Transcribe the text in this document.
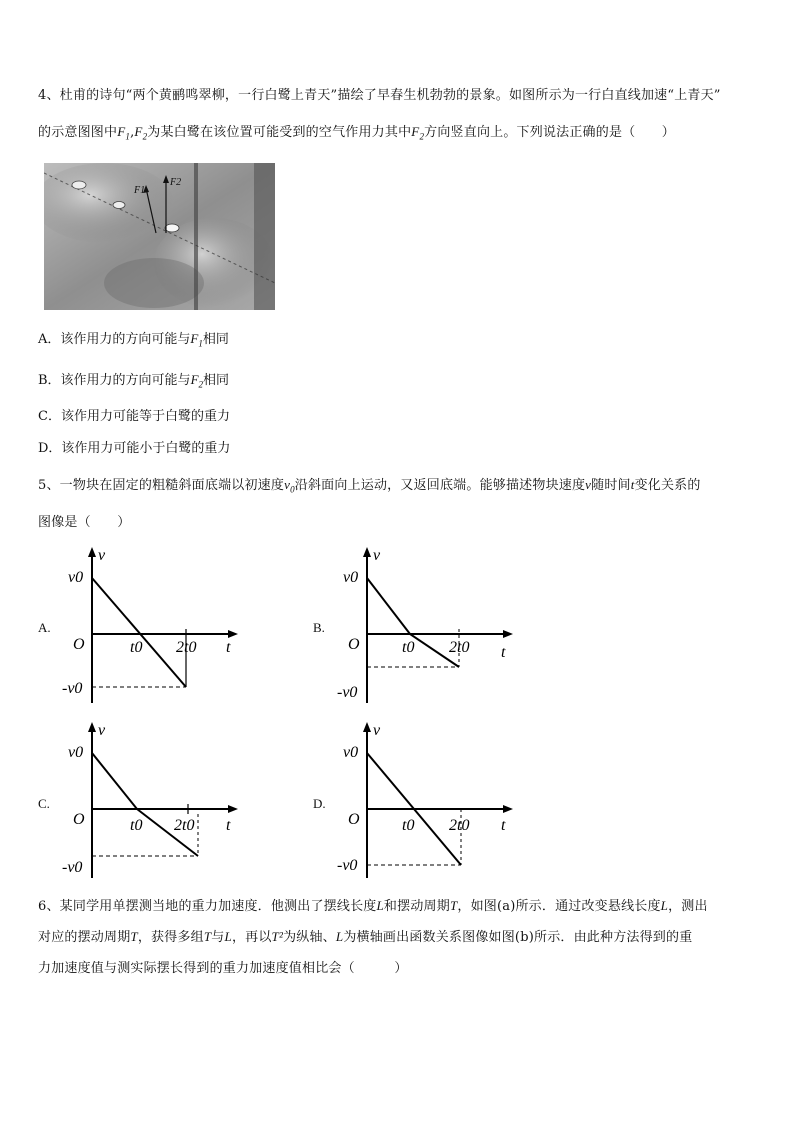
4、杜甫的诗句“两个黄鹂鸣翠柳，一行白鹭上青天”描绘了早春生机勃勃的景象。如图所示为一行白直线加速“上青天”
的示意图图中$F_1,F_2$为某白鹭在该位置可能受到的空气作用力其中$F_2$方向竖直向上。下列说法正确的是（　　）
F1
F2
A．该作用力的方向可能与$F_1$相同
B．该作用力的方向可能与$F_2$相同
C．该作用力可能等于白鹭的重力
D．该作用力可能小于白鹭的重力
5、一物块在固定的粗糙斜面底端以初速度$v_0$沿斜面向上运动，又返回底端。能够描述物块速度v随时间t变化关系的
图像是（　　）
A.	B.
C.	D.
v
v0
O	t0 2t0 t
-v0
v
v0
O	t0 2t0 t
-v0
v
v0
O	t0 2t0 t
-v0
v
v0
O	t0 2t0 t
-v0
6、某同学用单摆测当地的重力加速度．他测出了摆线长度L和摆动周期T，如图(a)所示．通过改变悬线长度L，测出
对应的摆动周期T，获得多组T与L，再以T²为纵轴、L为横轴画出函数关系图像如图(b)所示．由此种方法得到的重
力加速度值与测实际摆长得到的重力加速度值相比会（　　　）
